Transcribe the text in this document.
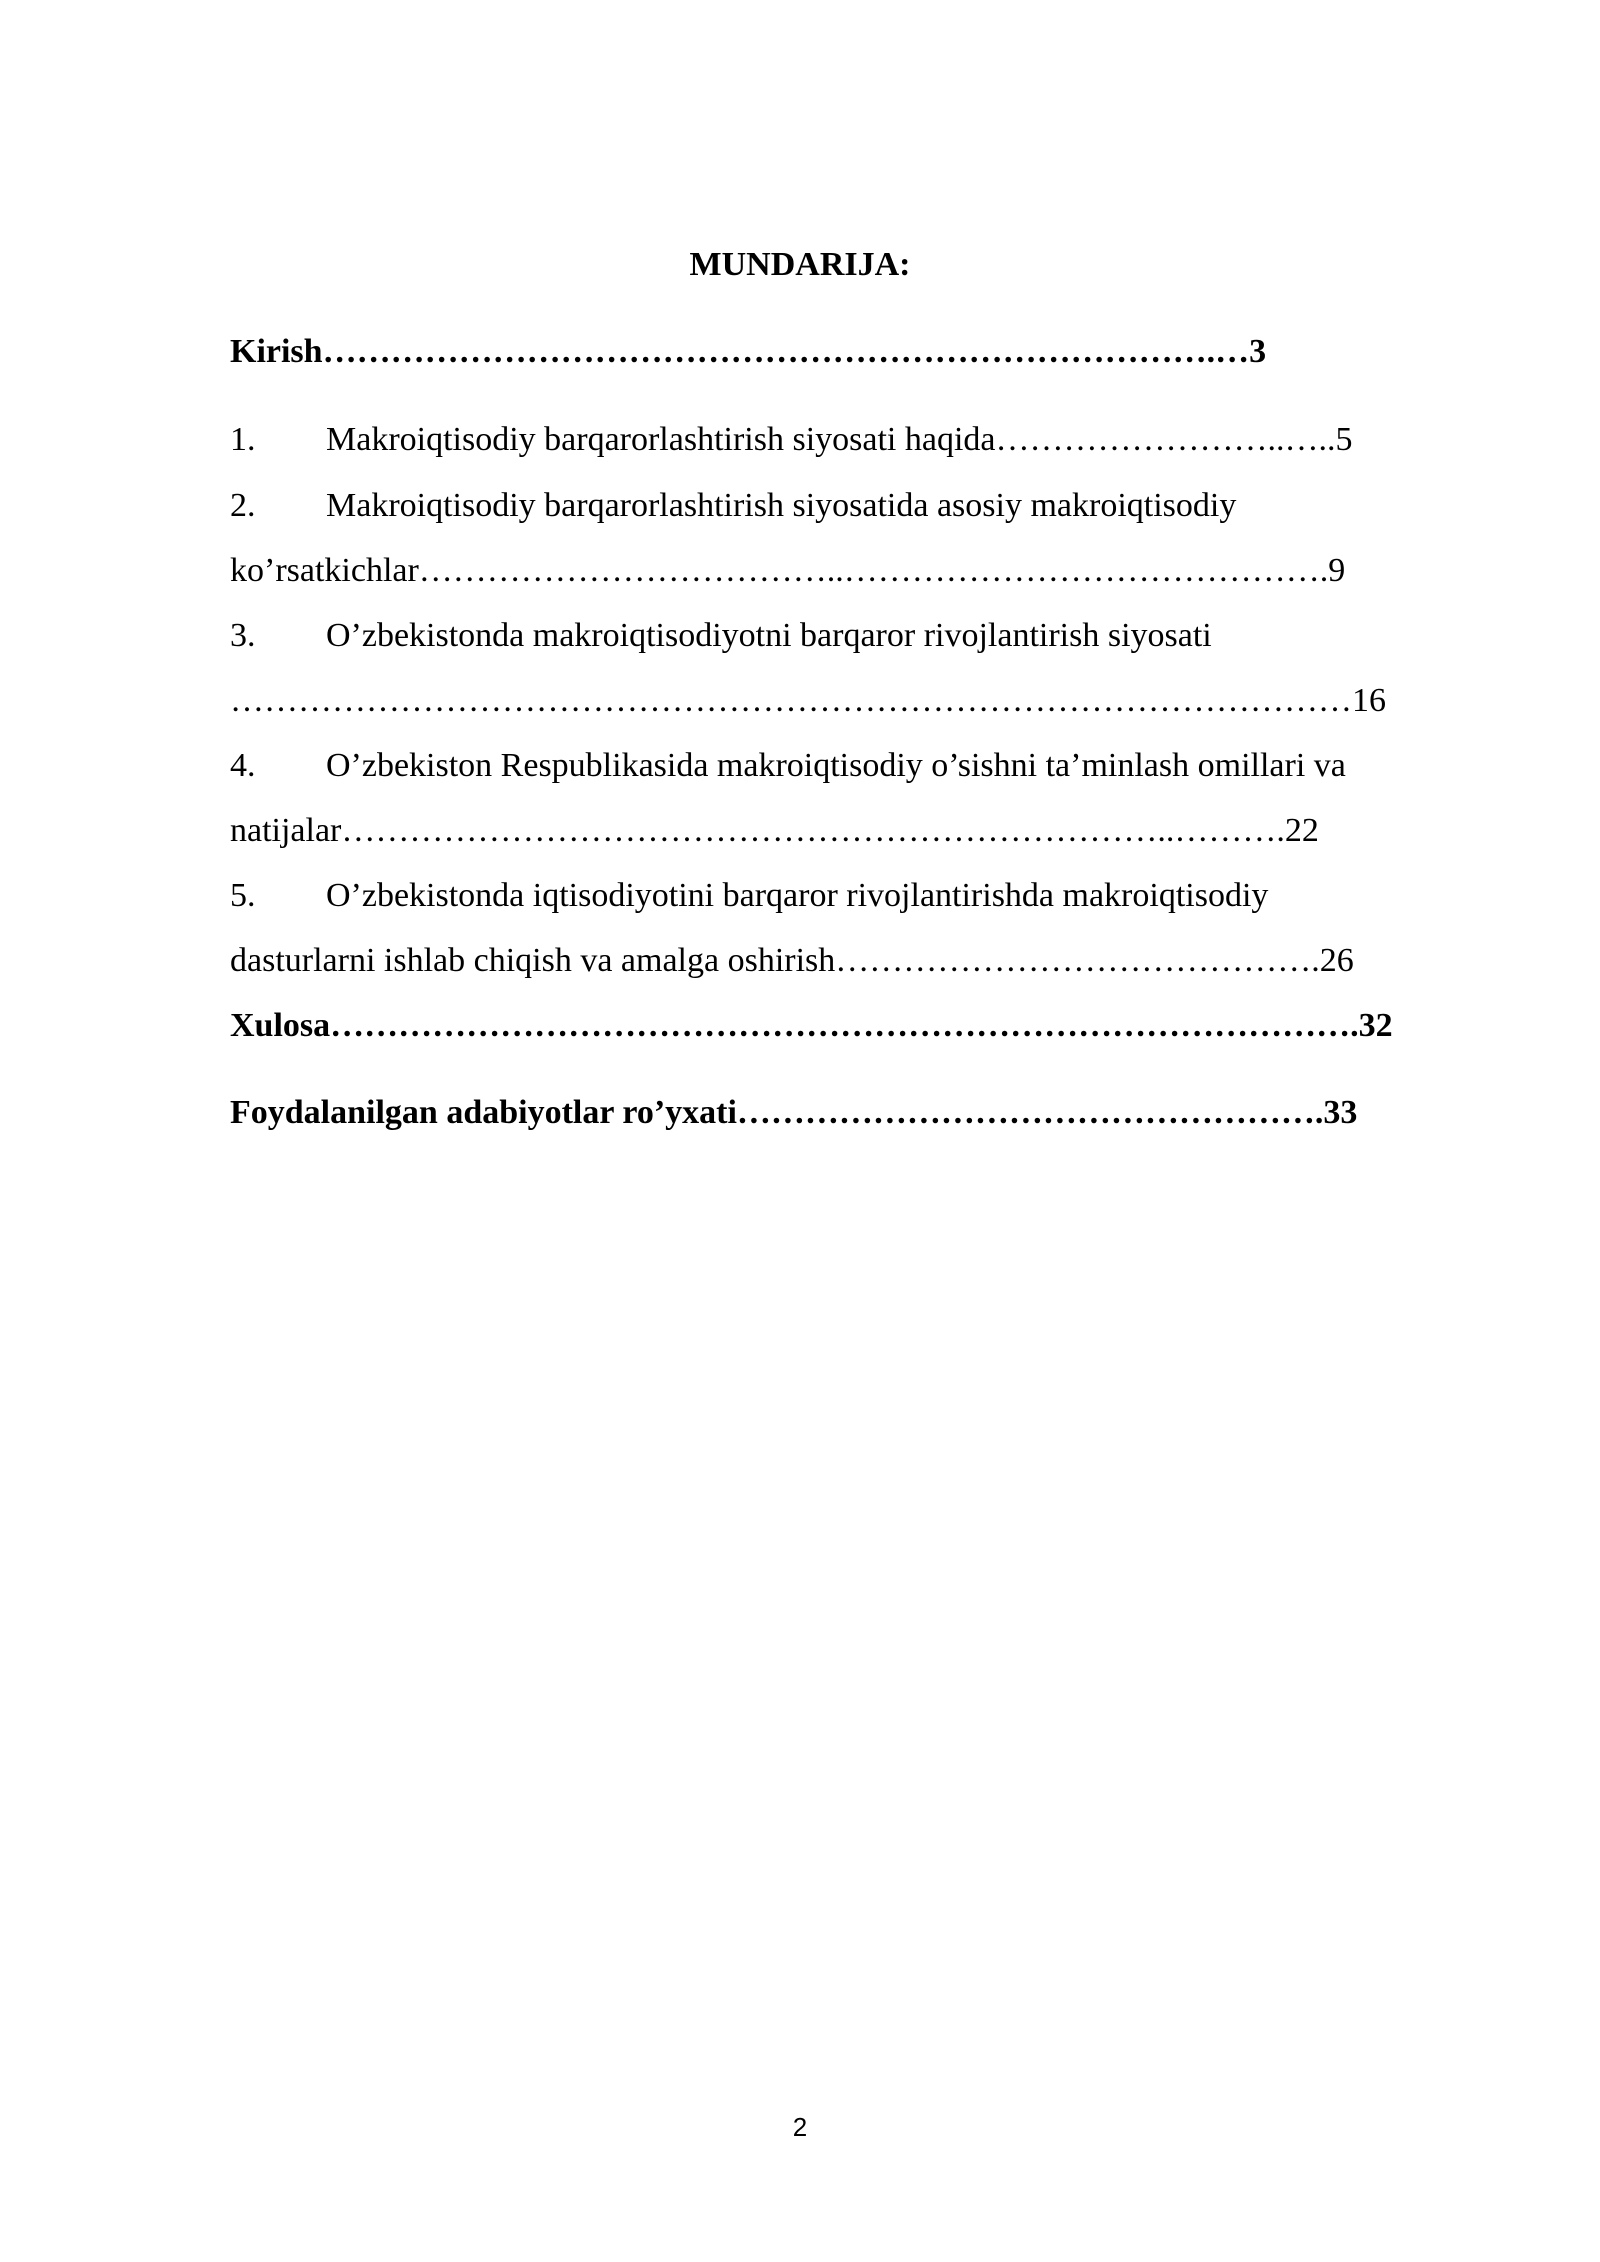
MUNDARIJA:
Kirish…………………………………………………………………….…3
1. Makroiqtisodiy barqarorlashtirish siyosati haqida……………………..…..5
2. Makroiqtisodiy barqarorlashtirish siyosatida asosiy makroiqtisodiy
ko’rsatkichlar………………………………..…………………………………….9
3. O’zbekistonda makroiqtisodiyotni barqaror rivojlantirish siyosati
………………………………………………………………………………………16
4. O’zbekiston Respublikasida makroiqtisodiy o’sishni ta’minlash omillari va
natijalar………………………………………………………………..……….22
5. O’zbekistonda iqtisodiyotini barqaror rivojlantirishda makroiqtisodiy
dasturlarni ishlab chiqish va amalga oshirish…………………………………….26
Xulosa……………………………………………………………………………….32
Foydalanilgan adabiyotlar ro’yxati…………………………………………….33
2
